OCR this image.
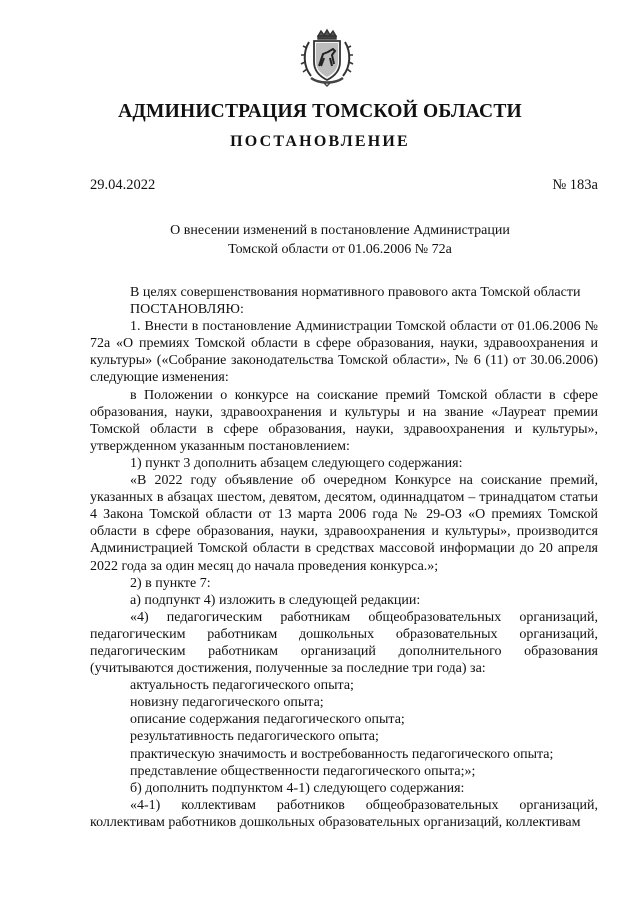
АДМИНИСТРАЦИЯ ТОМСКОЙ ОБЛАСТИ
ПОСТАНОВЛЕНИЕ
29.04.2022	№ 183а
О внесении изменений в постановление Администрации
Томской области от 01.06.2006 № 72а

В целях совершенствования нормативного правового акта Томской области

ПОСТАНОВЛЯЮ:

1. Внести в постановление Администрации Томской области от 01.06.2006 № 72а «О премиях Томской области в сфере образования, науки, здравоохранения и культуры» («Собрание законодательства Томской области», № 6 (11) от 30.06.2006) следующие изменения:

в Положении о конкурсе на соискание премий Томской области в сфере образования, науки, здравоохранения и культуры и на звание «Лауреат премии Томской области в сфере образования, науки, здравоохранения и культуры», утвержденном указанным постановлением:

1) пункт 3 дополнить абзацем следующего содержания:

«В 2022 году объявление об очередном Конкурсе на соискание премий, указанных в абзацах шестом, девятом, десятом, одиннадцатом – тринадцатом статьи 4 Закона Томской области от 13 марта 2006 года № 29-ОЗ «О премиях Томской области в сфере образования, науки, здравоохранения и культуры», производится Администрацией Томской области в средствах массовой информации до 20 апреля 2022 года за один месяц до начала проведения конкурса.»;

2) в пункте 7:

а) подпункт 4) изложить в следующей редакции:

«4) педагогическим работникам общеобразовательных организаций, педагогическим работникам дошкольных образовательных организаций, педагогическим работникам организаций дополнительного образования (учитываются достижения, полученные за последние три года) за:

актуальность педагогического опыта;

новизну педагогического опыта;

описание содержания педагогического опыта;

результативность педагогического опыта;

практическую значимость и востребованность педагогического опыта;

представление общественности педагогического опыта;»;

б) дополнить подпунктом 4-1) следующего содержания:

«4-1) коллективам работников общеобразовательных организаций, коллективам работников дошкольных образовательных организаций, коллективам
